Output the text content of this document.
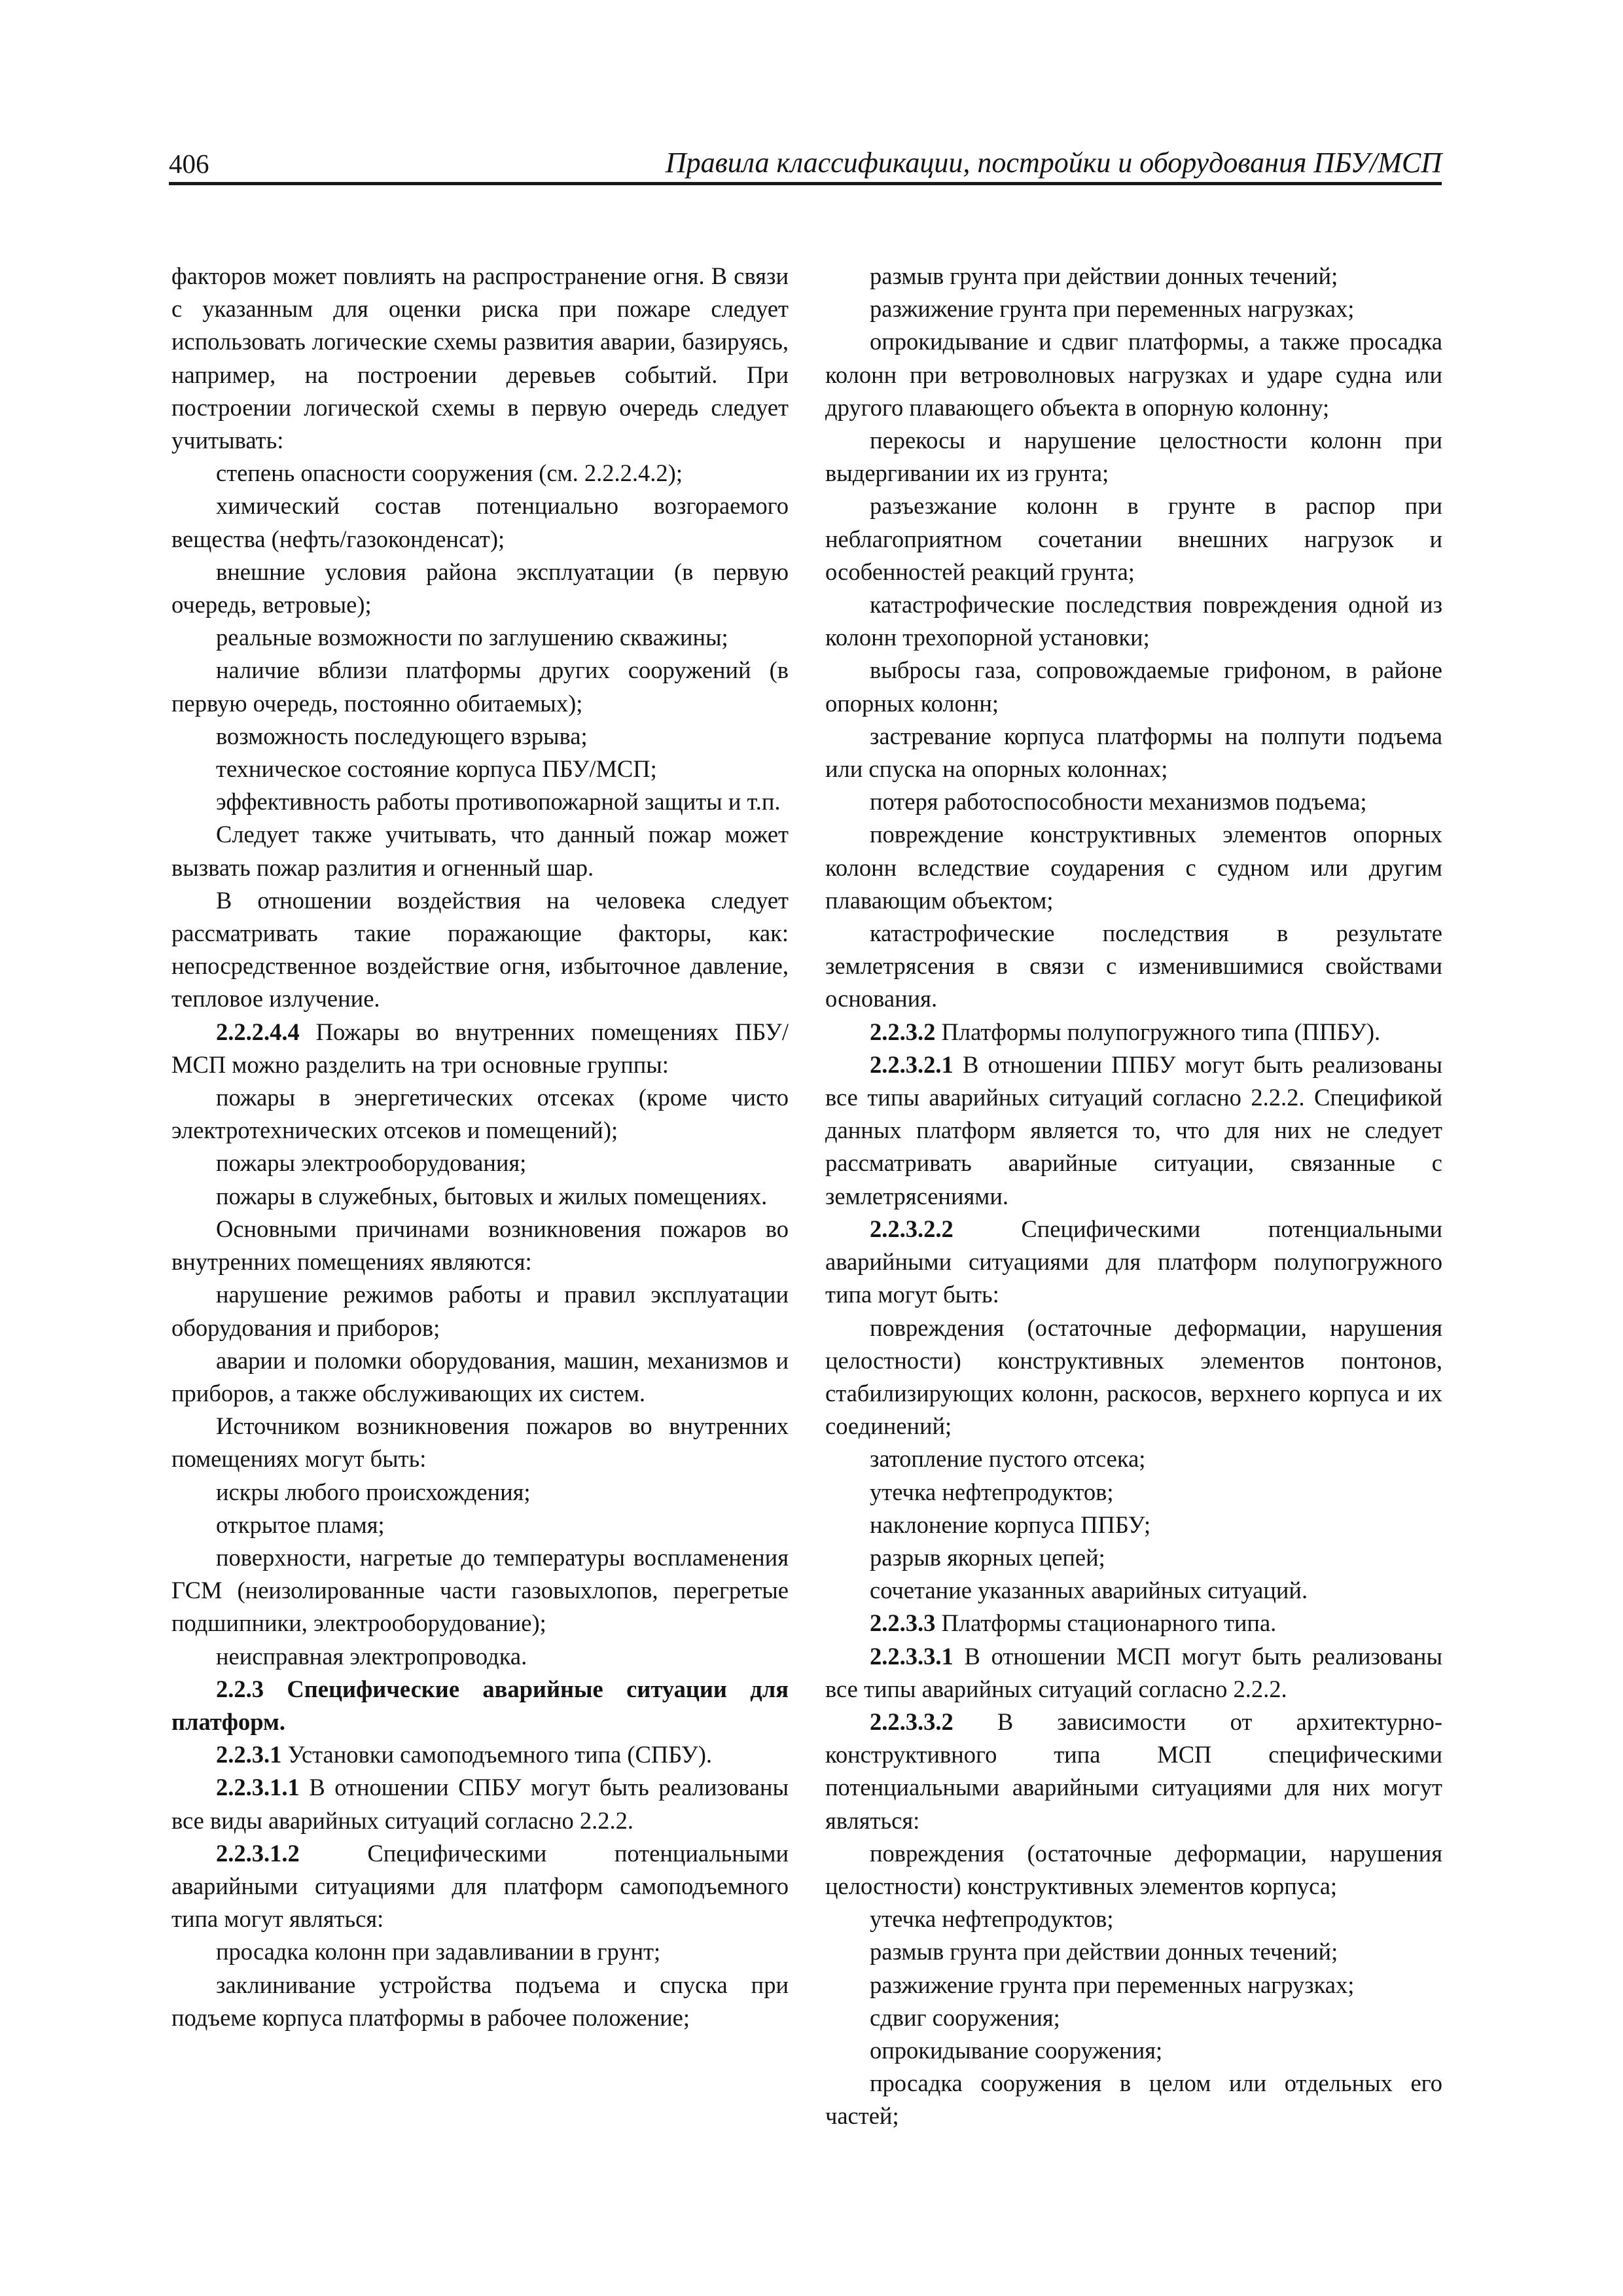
406	Правила классификации, постройки и оборудования ПБУ/МСП

факторов может повлиять на распространение огня. В связи с указанным для оценки риска при пожаре следует использовать логические схемы развития аварии, базируясь, например, на построении деревьев событий. При построении логической схемы в первую очередь следует учитывать:

степень опасности сооружения (см. 2.2.2.4.2);

химический состав потенциально возгораемого вещества (нефть/газоконденсат);

внешние условия района эксплуатации (в первую очередь, ветровые);

реальные возможности по заглушению скважины;

наличие вблизи платформы других сооружений (в первую очередь, постоянно обитаемых);

возможность последующего взрыва;

техническое состояние корпуса ПБУ/МСП;

эффективность работы противопожарной защиты и т.п.

Следует также учитывать, что данный пожар может вызвать пожар разлития и огненный шар.

В отношении воздействия на человека следует рассматривать такие поражающие факторы, как: непосредственное воздействие огня, избыточное давление, тепловое излучение.

2.2.2.4.4 Пожары во внутренних помещениях ПБУ/МСП можно разделить на три основные группы:

пожары в энергетических отсеках (кроме чисто электротехнических отсеков и помещений);

пожары электрооборудования;

пожары в служебных, бытовых и жилых помещениях.

Основными причинами возникновения пожаров во внутренних помещениях являются:

нарушение режимов работы и правил эксплуатации оборудования и приборов;

аварии и поломки оборудования, машин, механизмов и приборов, а также обслуживающих их систем.

Источником возникновения пожаров во внутренних помещениях могут быть:

искры любого происхождения;

открытое пламя;

поверхности, нагретые до температуры воспламенения ГСМ (неизолированные части газовыхлопов, перегретые подшипники, электрооборудование);

неисправная электропроводка.

2.2.3 Специфические аварийные ситуации для платформ.

2.2.3.1 Установки самоподъемного типа (СПБУ).

2.2.3.1.1 В отношении СПБУ могут быть реализованы все виды аварийных ситуаций согласно 2.2.2.

2.2.3.1.2 Специфическими потенциальными аварийными ситуациями для платформ самоподъемного типа могут являться:

просадка колонн при задавливании в грунт;

заклинивание устройства подъема и спуска при подъеме корпуса платформы в рабочее положение;

размыв грунта при действии донных течений;

разжижение грунта при переменных нагрузках;

опрокидывание и сдвиг платформы, а также просадка колонн при ветроволновых нагрузках и ударе судна или другого плавающего объекта в опорную колонну;

перекосы и нарушение целостности колонн при выдергивании их из грунта;

разъезжание колонн в грунте в распор при неблагоприятном сочетании внешних нагрузок и особенностей реакций грунта;

катастрофические последствия повреждения одной из колонн трехопорной установки;

выбросы газа, сопровождаемые грифоном, в районе опорных колонн;

застревание корпуса платформы на полпути подъема или спуска на опорных колоннах;

потеря работоспособности механизмов подъема;

повреждение конструктивных элементов опорных колонн вследствие соударения с судном или другим плавающим объектом;

катастрофические последствия в результате землетрясения в связи с изменившимися свойствами основания.

2.2.3.2 Платформы полупогружного типа (ППБУ).

2.2.3.2.1 В отношении ППБУ могут быть реализованы все типы аварийных ситуаций согласно 2.2.2. Спецификой данных платформ является то, что для них не следует рассматривать аварийные ситуации, связанные с землетрясениями.

2.2.3.2.2 Специфическими потенциальными аварийными ситуациями для платформ полупогружного типа могут быть:

повреждения (остаточные деформации, нарушения целостности) конструктивных элементов понтонов, стабилизирующих колонн, раскосов, верхнего корпуса и их соединений;

затопление пустого отсека;

утечка нефтепродуктов;

наклонение корпуса ППБУ;

разрыв якорных цепей;

сочетание указанных аварийных ситуаций.

2.2.3.3 Платформы стационарного типа.

2.2.3.3.1 В отношении МСП могут быть реализованы все типы аварийных ситуаций согласно 2.2.2.

2.2.3.3.2 В зависимости от архитектурно-конструктивного типа МСП специфическими потенциальными аварийными ситуациями для них могут являться:

повреждения (остаточные деформации, нарушения целостности) конструктивных элементов корпуса;

утечка нефтепродуктов;

размыв грунта при действии донных течений;

разжижение грунта при переменных нагрузках;

сдвиг сооружения;

опрокидывание сооружения;

просадка сооружения в целом или отдельных его частей;
